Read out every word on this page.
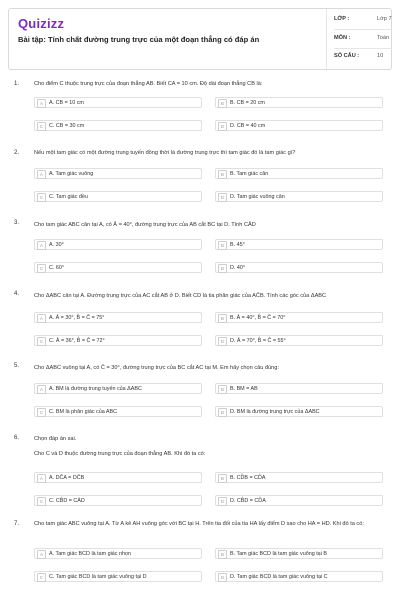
Quizizz
Bài tập: Tính chất đường trung trực của một đoạn thẳng có đáp án
LỚP :	Lớp 7
MÔN :	Toán
SỐ CÂU :	10
1.	Cho điểm C thuộc trung trực của đoạn thẳng AB. Biết CA = 10 cm. Độ dài đoạn thẳng CB là:
A	A. CB = 10 cm	B	B. CB = 20 cm
C	C. CB = 30 cm	D	D. CB = 40 cm
2.	Nếu một tam giác có một đường trung tuyến đồng thời là đường trung trực thì tam giác đó là tam giác gì?
A	A. Tam giác vuông	B	B. Tam giác cân
C	C. Tam giác đều	D	D. Tam giác vuông cân
3.	Cho tam giác ABC cân tại A, có Â = 40°, đường trung trực của AB cắt BC tại D. Tính CÂD
A	A. 30°	B	B. 45°
C	C. 60°	D	D. 40°
4.	Cho ΔABC cân tại A. Đường trung trực của AC cắt AB ở D. Biết CD là tia phân giác của AĈB. Tính các góc của ΔABC
A	A. Â = 30°, B̂ = Ĉ = 75°	B	B. Â = 40°, B̂ = Ĉ = 70°
C	C. Â = 36°, B̂ = Ĉ = 72°	D	D. Â = 70°, B̂ = Ĉ = 55°
5.	Cho ΔABC vuông tại A, có Ĉ = 30°, đường trung trực của BC cắt AC tại M. Em hãy chọn câu đúng:
A	A. BM là đường trung tuyến của ΔABC	B	B. BM = AB
C	C. BM là phân giác của ABC	D	D. BM là đường trung trực của ΔABC
6.	Chọn đáp án sai.
Cho C và D thuộc đường trung trực của đoạn thẳng AB. Khi đó ta có:
A	A. DĈA = DĈB	B	B. CD̂B = CD̂A
C	C. CB̂D = CÂD	D	D. CB̂D = CD̂A
7.	Cho tam giác ABC vuông tại A. Từ A kẻ AH vuông góc với BC tại H. Trên tia đối của tia HA lấy điểm D sao cho HA = HD. Khi đó ta có:
A	A. Tam giác BCD là tam giác nhọn	B	B. Tam giác BCD là tam giác vuông tại B
C	C. Tam giác BCD là tam giác vuông tại D	D	D. Tam giác BCD là tam giác vuông tại C
